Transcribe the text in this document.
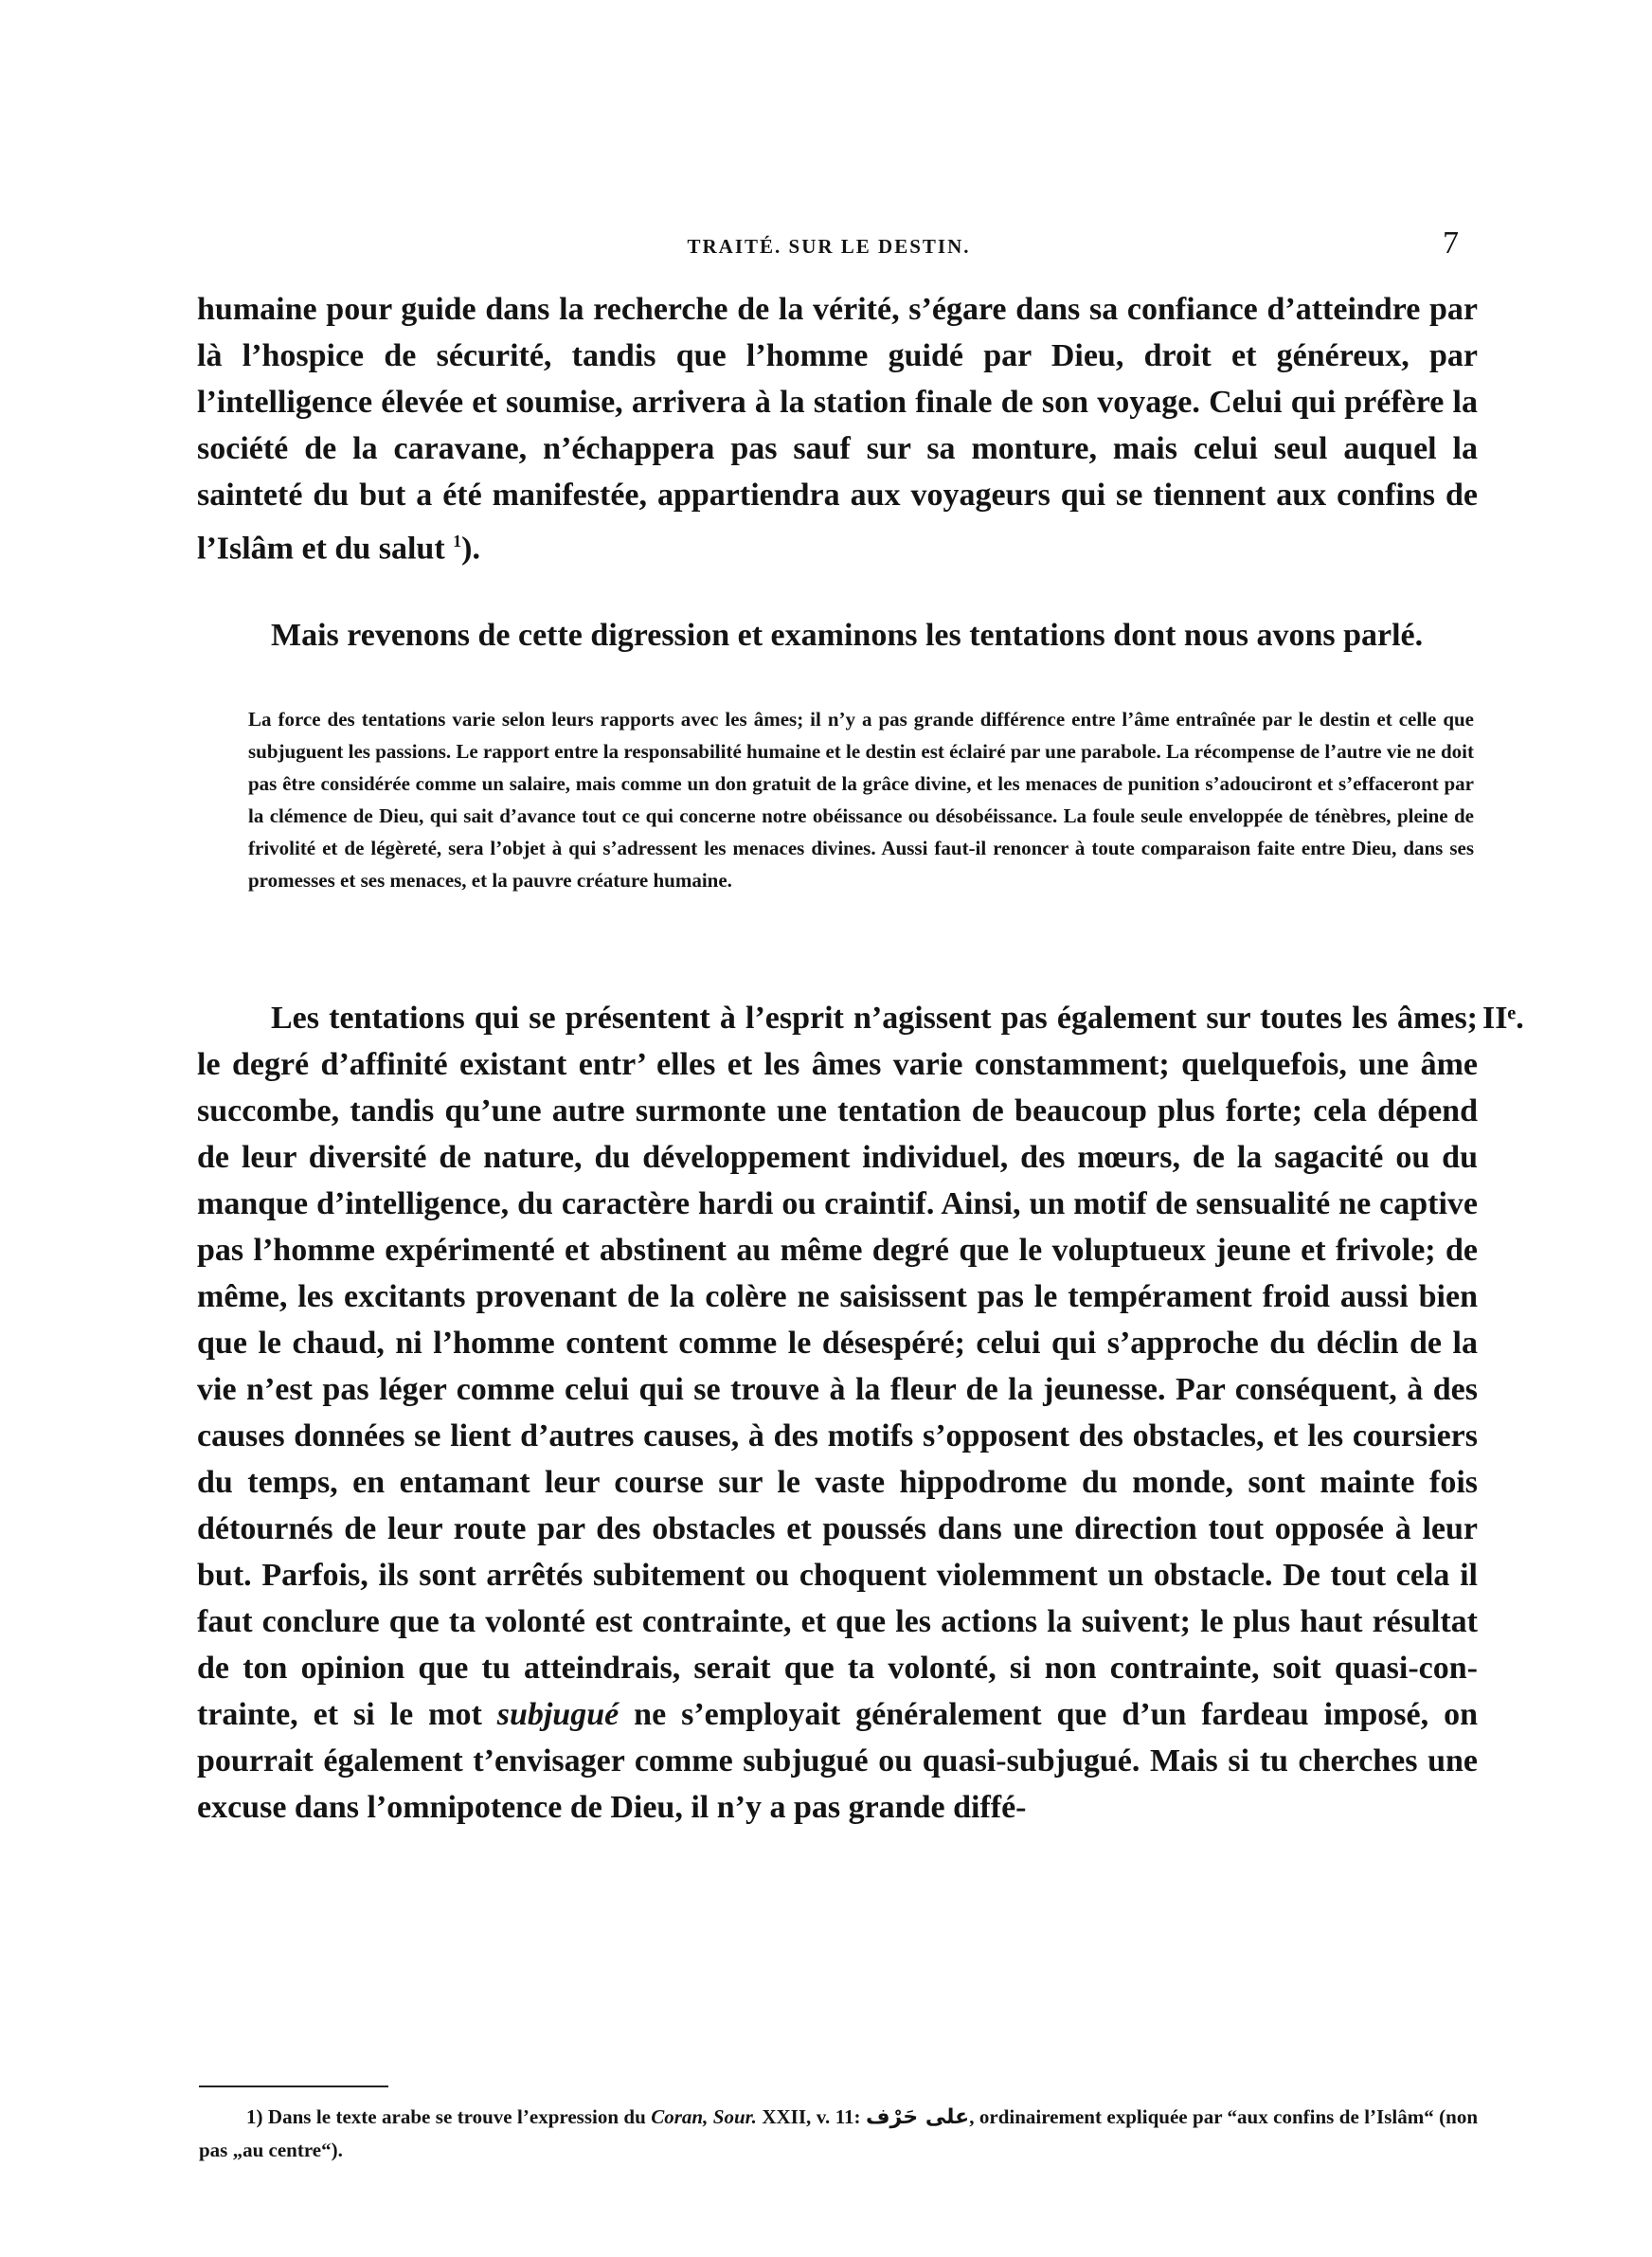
TRAITÉ. SUR LE DESTIN.	7

humaine pour guide dans la recherche de la vérité, s’égare dans sa confiance d’atteindre par là l’hospice de sécurité, tandis que l’homme guidé par Dieu, droit et généreux, par l’intelligence élevée et soumise, arrivera à la station finale de son voyage. Celui qui préfère la société de la caravane, n’échappera pas sauf sur sa monture, mais celui seul auquel la sainteté du but a été manifestée, appartiendra aux voyageurs qui se tiennent aux confins de l’Islâm et du salut $^1$).

Mais revenons de cette digression et examinons les tentations dont nous avons parlé.

La force des tentations varie selon leurs rapports avec les âmes; il n’y a pas grande différence entre l’âme entraînée par le destin et celle que subjuguent les passions. Le rapport entre la responsabilité humaine et le destin est éclairé par une parabole. La récompense de l’autre vie ne doit pas être considérée comme un salaire, mais comme un don gratuit de la grâce divine, et les menaces de punition s’adouciront et s’effaceront par la clémence de Dieu, qui sait d’avance tout ce qui concerne notre obéissance ou désobéissance. La foule seule enveloppée de ténèbres, pleine de frivolité et de légèreté, sera l’objet à qui s’adressent les menaces divines. Aussi faut-il renoncer à toute comparaison faite entre Dieu, dans ses promesses et ses menaces, et la pauvre créature humaine.

IIᵉ.

Les tentations qui se présentent à l’esprit n’agissent pas également sur toutes les âmes; le degré d’affinité existant entr’ elles et les âmes varie constamment; quelquefois, une âme succombe, tandis qu’une autre surmonte une tentation de beaucoup plus forte; cela dépend de leur diversité de nature, du développement individuel, des mœurs, de la sagacité ou du manque d’intelligence, du caractère hardi ou craintif. Ainsi, un motif de sensualité ne captive pas l’homme expérimenté et abstinent au même degré que le voluptueux jeune et frivole; de même, les excitants provenant de la colère ne saisissent pas le tempérament froid aussi bien que le chaud, ni l’homme content comme le désespéré; celui qui s’approche du déclin de la vie n’est pas léger comme celui qui se trouve à la fleur de la jeunesse. Par conséquent, à des causes données se lient d’autres causes, à des motifs s’opposent des obstacles, et les coursiers du temps, en entamant leur course sur le vaste hippodrome du monde, sont mainte fois détournés de leur route par des obstacles et poussés dans une direction tout opposée à leur but. Parfois, ils sont arrêtés subitement ou choquent violemment un obstacle. De tout cela il faut conclure que ta volonté est contrainte, et que les actions la suivent; le plus haut résultat de ton opinion que tu atteindrais, serait que ta volonté, si non contrainte, soit quasi-contrainte, et si le mot subjugué ne s’employait généralement que d’un fardeau imposé, on pourrait également t’envisager comme subjugué ou quasi-subjugué. Mais si tu cherches une excuse dans l’omnipotence de Dieu, il n’y a pas grande diffé-

1) Dans le texte arabe se trouve l’expression du Coran, Sour. XXII, v. 11: على حَرْف, ordinairement expliquée par “aux confins de l’Islâm“ (non pas „au centre“).
